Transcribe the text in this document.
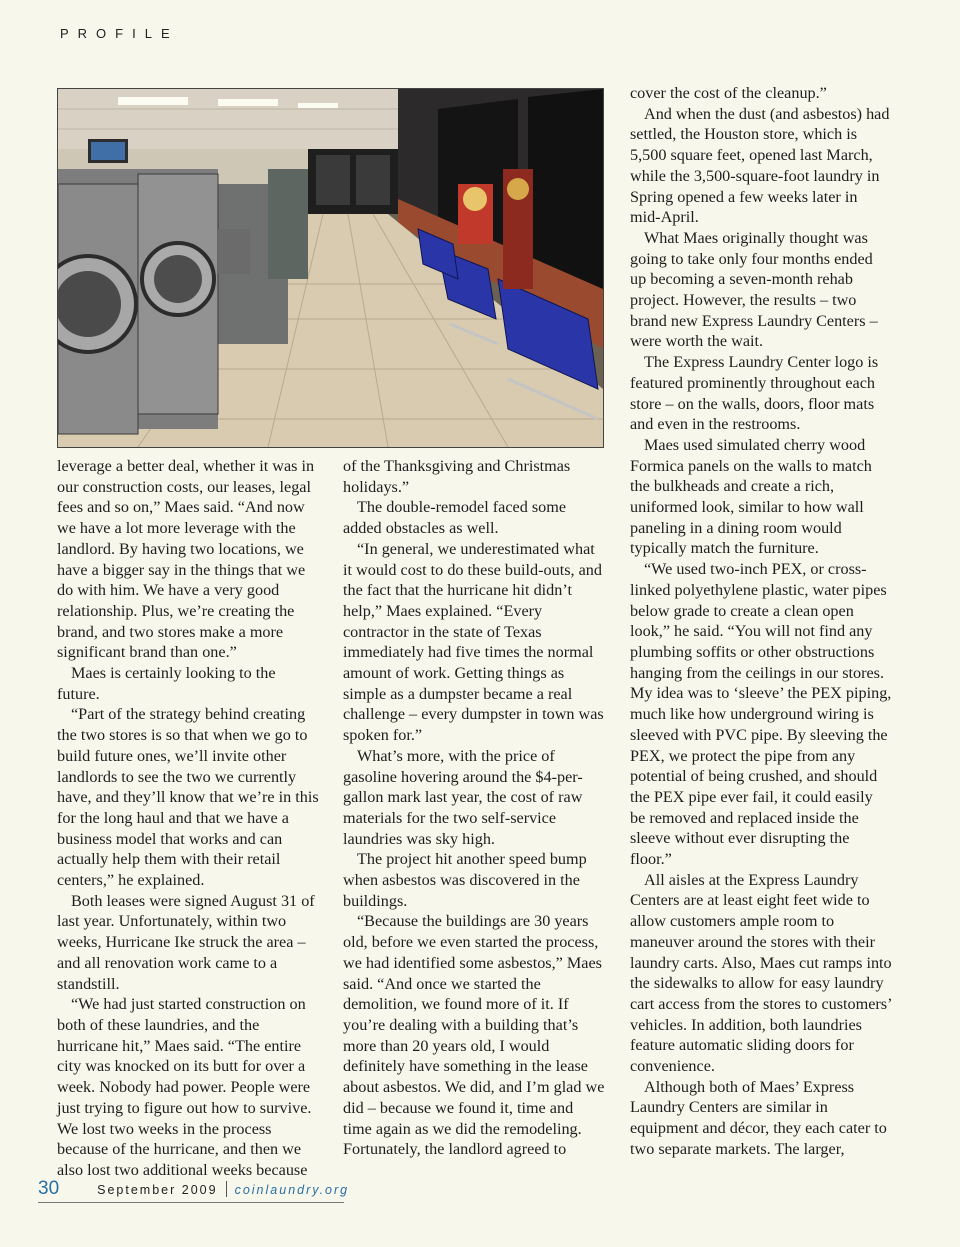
PROFILE

leverage a better deal, whether it was in our construction costs, our leases, legal fees and so on,” Maes said. “And now we have a lot more leverage with the landlord. By having two locations, we have a bigger say in the things that we do with him. We have a very good relationship. Plus, we’re creating the brand, and two stores make a more significant brand than one.”

Maes is certainly looking to the future.

“Part of the strategy behind creating the two stores is so that when we go to build future ones, we’ll invite other landlords to see the two we currently have, and they’ll know that we’re in this for the long haul and that we have a business model that works and can actually help them with their retail centers,” he explained.

Both leases were signed August 31 of last year. Unfortunately, within two weeks, Hurricane Ike struck the area – and all renovation work came to a standstill.

“We had just started construction on both of these laundries, and the hurricane hit,” Maes said. “The entire city was knocked on its butt for over a week. Nobody had power. People were just trying to figure out how to survive. We lost two weeks in the process because of the hurricane, and then we also lost two additional weeks because

of the Thanksgiving and Christmas holidays.”

The double-remodel faced some added obstacles as well.

“In general, we underestimated what it would cost to do these build-outs, and the fact that the hurricane hit didn’t help,” Maes explained. “Every contractor in the state of Texas immediately had five times the normal amount of work. Getting things as simple as a dumpster became a real challenge – every dumpster in town was spoken for.”

What’s more, with the price of gasoline hovering around the $4-per-gallon mark last year, the cost of raw materials for the two self-service laundries was sky high.

The project hit another speed bump when asbestos was discovered in the buildings.

“Because the buildings are 30 years old, before we even started the process, we had identified some asbestos,” Maes said. “And once we started the demolition, we found more of it. If you’re dealing with a building that’s more than 20 years old, I would definitely have something in the lease about asbestos. We did, and I’m glad we did – because we found it, time and time again as we did the remodeling. Fortunately, the landlord agreed to

cover the cost of the cleanup.”

And when the dust (and asbestos) had settled, the Houston store, which is 5,500 square feet, opened last March, while the 3,500-square-foot laundry in Spring opened a few weeks later in mid-April.

What Maes originally thought was going to take only four months ended up becoming a seven-month rehab project. However, the results – two brand new Express Laundry Centers – were worth the wait.

The Express Laundry Center logo is featured prominently throughout each store – on the walls, doors, floor mats and even in the restrooms.

Maes used simulated cherry wood Formica panels on the walls to match the bulkheads and create a rich, uniformed look, similar to how wall paneling in a dining room would typically match the furniture.

“We used two-inch PEX, or cross-linked polyethylene plastic, water pipes below grade to create a clean open look,” he said. “You will not find any plumbing soffits or other obstructions hanging from the ceilings in our stores. My idea was to ‘sleeve’ the PEX piping, much like how underground wiring is sleeved with PVC pipe. By sleeving the PEX, we protect the pipe from any potential of being crushed, and should the PEX pipe ever fail, it could easily be removed and replaced inside the sleeve without ever disrupting the floor.”

All aisles at the Express Laundry Centers are at least eight feet wide to allow customers ample room to maneuver around the stores with their laundry carts. Also, Maes cut ramps into the sidewalks to allow for easy laundry cart access from the stores to customers’ vehicles. In addition, both laundries feature automatic sliding doors for convenience.

Although both of Maes’ Express Laundry Centers are similar in equipment and décor, they each cater to two separate markets. The larger,

30	September 2009 coinlaundry.org
